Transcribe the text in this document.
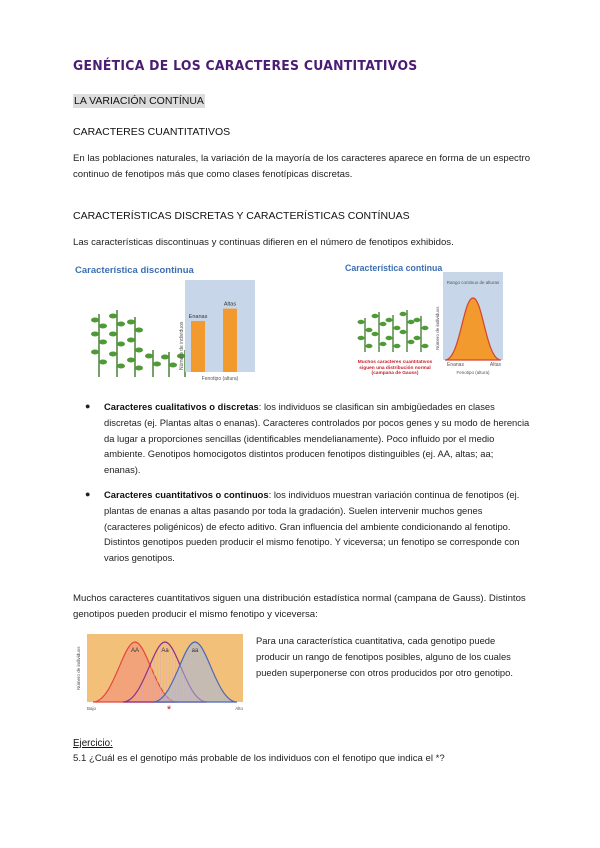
GENÉTICA DE LOS CARACTERES CUANTITATIVOS
LA VARIACIÓN CONTÍNUA
CARACTERES CUANTITATIVOS
En las poblaciones naturales, la variación de la mayoría de los caracteres aparece en forma de un espectro continuo de fenotipos más que como clases fenotípicas discretas.
CARACTERÍSTICAS DISCRETAS Y CARACTERÍSTICAS CONTÍNUAS
Las características discontinuas y continuas difieren en el número de fenotipos exhibidos.
Característica discontinua
Número de individuos
Enanas
Altas
Fenotipo (altura)
Característica continua
Número de individuos
Rango continuo de alturas
Enanas	Altas
Fenotipo (altura)
Muchos caracteres cuantitativos siguen una distribución normal (campana de Gauss)
● Caracteres cualitativos o discretas: los individuos se clasifican sin ambigüedades en clases discretas (ej. Plantas altas o enanas). Caracteres controlados por pocos genes y su modo de herencia da lugar a proporciones sencillas (identificables mendelianamente). Poco influido por el medio ambiente. Genotipos homocigotos distintos producen fenotipos distinguibles (ej. AA, altas; aa; enanas).
● Caracteres cuantitativos o continuos: los individuos muestran variación continua de fenotipos (ej. plantas de enanas a altas pasando por toda la gradación). Suelen intervenir muchos genes (caracteres poligénicos) de efecto aditivo. Gran influencia del ambiente condicionando al fenotipo. Distintos genotipos pueden producir el mismo fenotipo. Y viceversa; un fenotipo se corresponde con varios genotipos.
Muchos caracteres cuantitativos siguen una distribución estadística normal (campana de Gauss). Distintos genotipos pueden producir el mismo fenotipo y viceversa:
Número de individuos	AA	Aa	aa
Bajo	Alto
*
Para una característica cuantitativa, cada genotipo puede producir un rango de fenotipos posibles, alguno de los cuales pueden superponerse con otros producidos por otro genotipo.
Ejercicio:
5.1 ¿Cuál es el genotipo más probable de los individuos con el fenotipo que indica el *?
